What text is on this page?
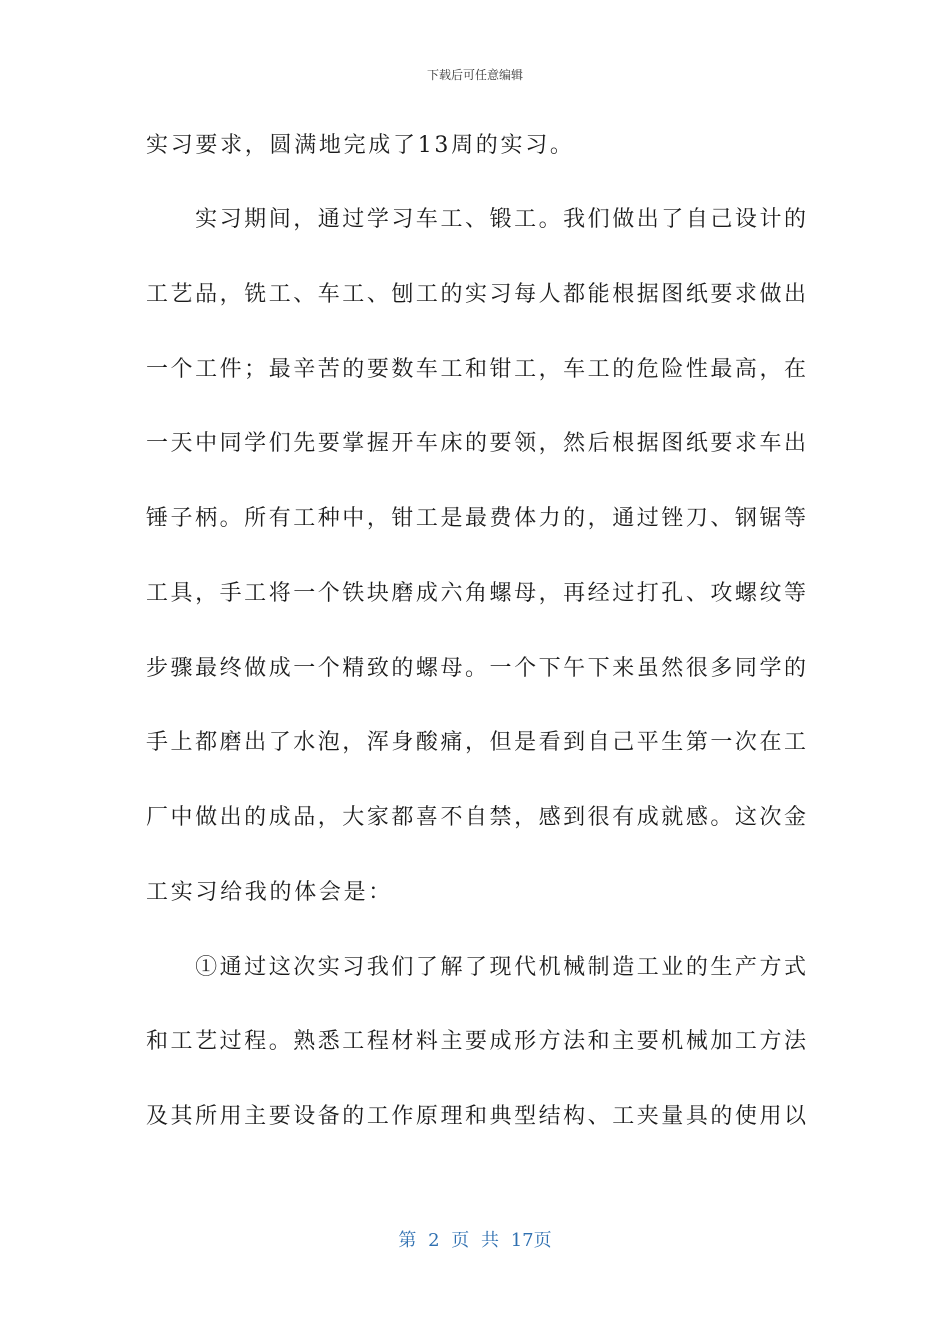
下载后可任意编辑
实习要求，圆满地完成了13周的实习。
　　实习期间，通过学习车工、锻工。我们做出了自己设计的
工艺品，铣工、车工、刨工的实习每人都能根据图纸要求做出
一个工件；最辛苦的要数车工和钳工，车工的危险性最高，在
一天中同学们先要掌握开车床的要领，然后根据图纸要求车出
锤子柄。所有工种中，钳工是最费体力的，通过锉刀、钢锯等
工具，手工将一个铁块磨成六角螺母，再经过打孔、攻螺纹等
步骤最终做成一个精致的螺母。一个下午下来虽然很多同学的
手上都磨出了水泡，浑身酸痛，但是看到自己平生第一次在工
厂中做出的成品，大家都喜不自禁，感到很有成就感。这次金
工实习给我的体会是：
　　①通过这次实习我们了解了现代机械制造工业的生产方式
和工艺过程。熟悉工程材料主要成形方法和主要机械加工方法
及其所用主要设备的工作原理和典型结构、工夹量具的使用以
第 2 页 共 17页
